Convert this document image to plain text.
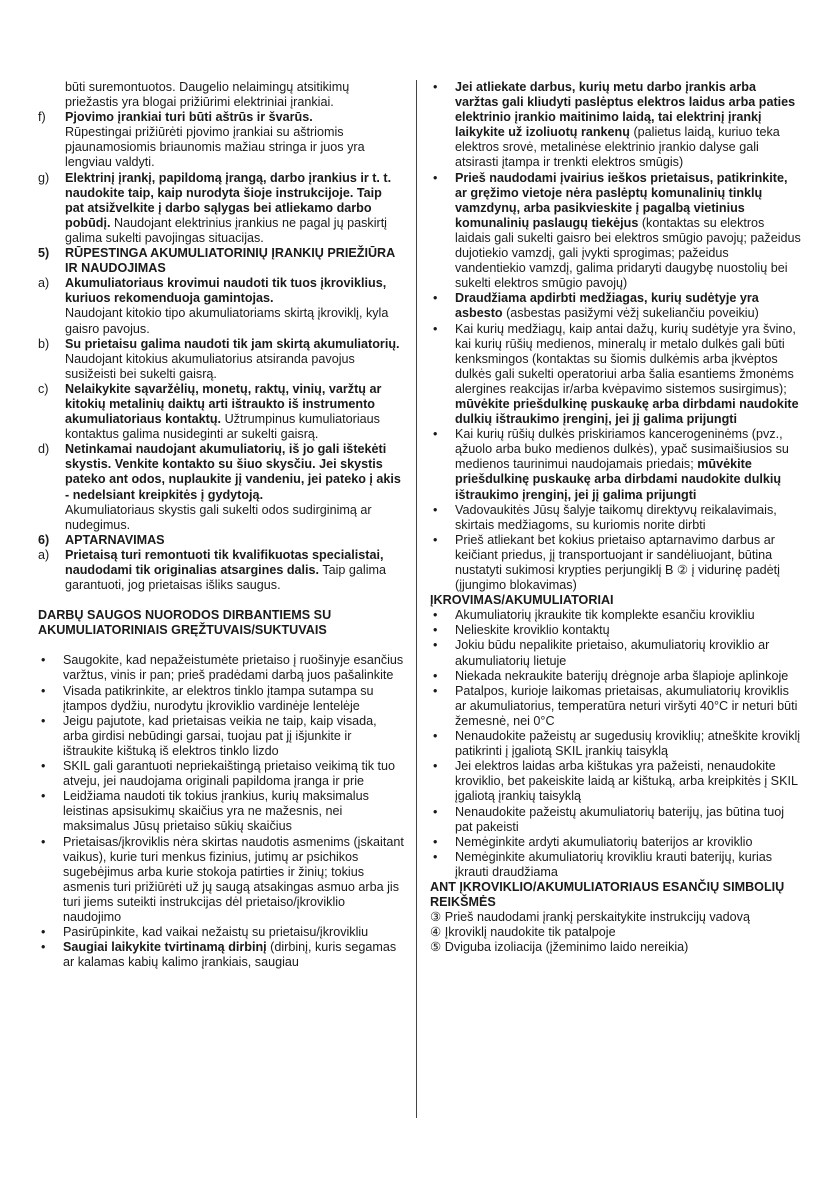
būti suremontuotos. Daugelio nelaimingų atsitikimų
priežastis yra blogai prižiūrimi elektriniai įrankiai.
f)	Pjovimo įrankiai turi būti aštrūs ir švarūs.
Rūpestingai prižiūrėti pjovimo įrankiai su aštriomis pjaunamosiomis briaunomis mažiau stringa ir juos yra lengviau valdyti.
g)	Elektrinį įrankį, papildomą įrangą, darbo įrankius ir t. t. naudokite taip, kaip nurodyta šioje instrukcijoje. Taip pat atsižvelkite į darbo sąlygas bei atliekamo darbo pobūdį. Naudojant elektrinius įrankius ne pagal jų paskirtį galima sukelti pavojingas situacijas.
5)	RŪPESTINGA AKUMULIATORINIŲ ĮRANKIŲ PRIEŽIŪRA IR NAUDOJIMAS
a)	Akumuliatoriaus krovimui naudoti tik tuos įkroviklius, kuriuos rekomenduoja gamintojas.
Naudojant kitokio tipo akumuliatoriams skirtą įkroviklį, kyla gaisro pavojus.
b)	Su prietaisu galima naudoti tik jam skirtą akumuliatorių. Naudojant kitokius akumuliatorius atsiranda pavojus susižeisti bei sukelti gaisrą.
c)	Nelaikykite sąvaržėlių, monetų, raktų, vinių, varžtų ar kitokių metalinių daiktų arti ištraukto iš instrumento akumuliatoriaus kontaktų. Užtrumpinus kumuliatoriaus kontaktus galima nusideginti ar sukelti gaisrą.
d)	Netinkamai naudojant akumuliatorių, iš jo gali ištekėti skystis. Venkite kontakto su šiuo skysčiu. Jei skystis pateko ant odos, nuplaukite jį vandeniu, jei pateko į akis - nedelsiant kreipkitės į gydytoją.
Akumuliatoriaus skystis gali sukelti odos sudirginimą ar nudegimus.
6)	APTARNAVIMAS
a)	Prietaisą turi remontuoti tik kvalifikuotas specialistai, naudodami tik originalias atsargines dalis. Taip galima garantuoti, jog prietaisas išliks saugus.
DARBŲ SAUGOS NUORODOS DIRBANTIEMS SU AKUMULIATORINIAIS GRĘŽTUVAIS/SUKTUVAIS
•	Saugokite, kad nepažeistumėte prietaiso į ruošinyje esančius varžtus, vinis ir pan; prieš pradėdami darbą juos pašalinkite
•	Visada patikrinkite, ar elektros tinklo įtampa sutampa su įtampos dydžiu, nurodytu įkroviklio vardinėje lentelėje
•	Jeigu pajutote, kad prietaisas veikia ne taip, kaip visada, arba girdisi nebūdingi garsai, tuojau pat jį išjunkite ir ištraukite kištuką iš elektros tinklo lizdo
•	SKIL gali garantuoti nepriekaištingą prietaiso veikimą tik tuo atveju, jei naudojama originali papildoma įranga ir prie
•	Leidžiama naudoti tik tokius įrankius, kurių maksimalus leistinas apsisukimų skaičius yra ne mažesnis, nei maksimalus Jūsų prietaiso sūkių skaičius
•	Prietaisas/įkroviklis nėra skirtas naudotis asmenims (įskaitant vaikus), kurie turi menkus fizinius, jutimų ar psichikos sugebėjimus arba kurie stokoja patirties ir žinių; tokius asmenis turi prižiūrėti už jų saugą atsakingas asmuo arba jis turi jiems suteikti instrukcijas dėl prietaiso/įkroviklio naudojimo
•	Pasirūpinkite, kad vaikai nežaistų su prietaisu/įkrovikliu
•	Saugiai laikykite tvirtinamą dirbinį (dirbinį, kuris segamas ar kalamas kabių kalimo įrankiais, saugiau
•	Jei atliekate darbus, kurių metu darbo įrankis arba varžtas gali kliudyti paslėptus elektros laidus arba paties elektrinio įrankio maitinimo laidą, tai elektrinį įrankį laikykite už izoliuotų rankenų (palietus laidą, kuriuo teka elektros srovė, metalinėse elektrinio įrankio dalyse gali atsirasti įtampa ir trenkti elektros smūgis)
•	Prieš naudodami įvairius ieškos prietaisus, patikrinkite, ar gręžimo vietoje nėra paslėptų komunalinių tinklų vamzdynų, arba pasikvieskite į pagalbą vietinius komunalinių paslaugų tiekėjus (kontaktas su elektros laidais gali sukelti gaisro bei elektros smūgio pavojų; pažeidus dujotiekio vamzdį, gali įvykti sprogimas; pažeidus vandentiekio vamzdį, galima pridaryti daugybę nuostolių bei sukelti elektros smūgio pavojų)
•	Draudžiama apdirbti medžiagas, kurių sudėtyje yra asbesto (asbestas pasižymi vėžį sukeliančiu poveikiu)
•	Kai kurių medžiagų, kaip antai dažų, kurių sudėtyje yra švino, kai kurių rūšių medienos, mineralų ir metalo dulkės gali būti kenksmingos (kontaktas su šiomis dulkėmis arba įkvėptos dulkės gali sukelti operatoriui arba šalia esantiems žmonėms alergines reakcijas ir/arba kvėpavimo sistemos susirgimus); mūvėkite priešdulkinę puskaukę arba dirbdami naudokite dulkių ištraukimo įrenginį, jei jį galima prijungti
•	Kai kurių rūšių dulkės priskiriamos kancerogeninėms (pvz., ąžuolo arba buko medienos dulkės), ypač susimaišiusios su medienos taurinimui naudojamais priedais; mūvėkite priešdulkinę puskaukę arba dirbdami naudokite dulkių ištraukimo įrenginį, jei jį galima prijungti
•	Vadovaukitės Jūsų šalyje taikomų direktyvų reikalavimais, skirtais medžiagoms, su kuriomis norite dirbti
•	Prieš atliekant bet kokius prietaiso aptarnavimo darbus ar keičiant priedus, jį transportuojant ir sandėliuojant, būtina nustatyti sukimosi krypties perjungiklį B ② į vidurinę padėtį (įjungimo blokavimas)
ĮKROVIMAS/AKUMULIATORIAI
•	Akumuliatorių įkraukite tik komplekte esančiu krovikliu
•	Nelieskite kroviklio kontaktų
•	Jokiu būdu nepalikite prietaiso, akumuliatorių kroviklio ar akumuliatorių lietuje
•	Niekada nekraukite baterijų drėgnoje arba šlapioje aplinkoje
•	Patalpos, kurioje laikomas prietaisas, akumuliatorių kroviklis ar akumuliatorius, temperatūra neturi viršyti 40°C ir neturi būti žemesnė, nei 0°C
•	Nenaudokite pažeistų ar sugedusių kroviklių; atneškite kroviklį patikrinti į įgaliotą SKIL įrankių taisyklą
•	Jei elektros laidas arba kištukas yra pažeisti, nenaudokite kroviklio, bet pakeiskite laidą ar kištuką, arba kreipkitės į SKIL įgaliotą įrankių taisyklą
•	Nenaudokite pažeistų akumuliatorių baterijų, jas būtina tuoj pat pakeisti
•	Nemėginkite ardyti akumuliatorių baterijos ar kroviklio
•	Nemėginkite akumuliatorių krovikliu krauti baterijų, kurias įkrauti draudžiama
ANT ĮKROVIKLIO/AKUMULIATORIAUS ESANČIŲ SIMBOLIŲ REIKŠMĖS
③ Prieš naudodami įrankį perskaitykite instrukcijų vadovą
④ Įkroviklį naudokite tik patalpoje
⑤ Dviguba izoliacija (įžeminimo laido nereikia)
